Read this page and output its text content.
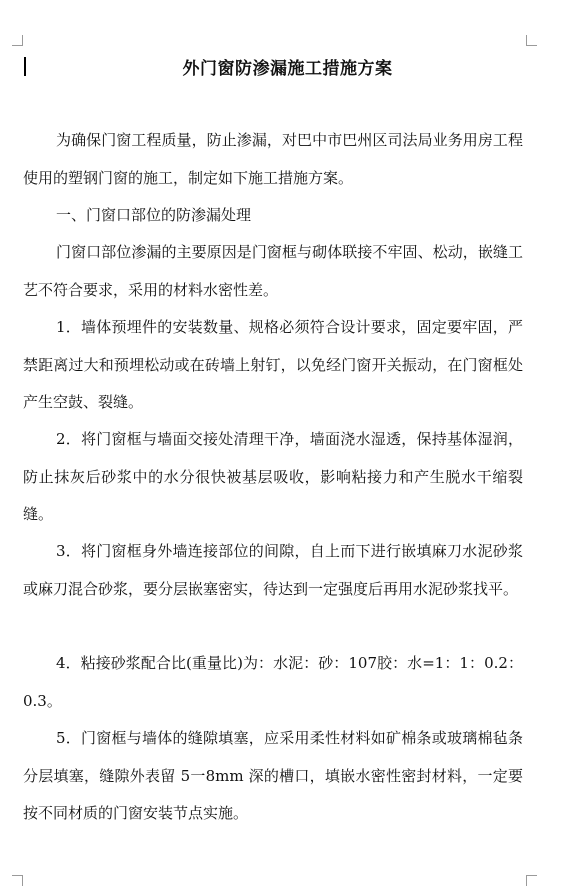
外门窗防渗漏施工措施方案
为确保门窗工程质量，防止渗漏，对巴中市巴州区司法局业务用房工程使用的塑钢门窗的施工，制定如下施工措施方案。
一、门窗口部位的防渗漏处理
门窗口部位渗漏的主要原因是门窗框与砌体联接不牢固、松动，嵌缝工艺不符合要求，采用的材料水密性差。
1．墙体预埋件的安装数量、规格必须符合设计要求，固定要牢固，严禁距离过大和预埋松动或在砖墙上射钉，以免经门窗开关振动，在门窗框处产生空鼓、裂缝。
2．将门窗框与墙面交接处清理干净，墙面浇水湿透，保持基体湿润，防止抹灰后砂浆中的水分很快被基层吸收，影响粘接力和产生脱水干缩裂缝。
3．将门窗框身外墙连接部位的间隙，自上而下进行嵌填麻刀水泥砂浆或麻刀混合砂浆，要分层嵌塞密实，待达到一定强度后再用水泥砂浆找平。
4．粘接砂浆配合比(重量比)为：水泥：砂：107胶：水=1：1：0.2：0.3。
5．门窗框与墙体的缝隙填塞，应采用柔性材料如矿棉条或玻璃棉毡条分层填塞，缝隙外表留 5一8mm 深的槽口，填嵌水密性密封材料，一定要按不同材质的门窗安装节点实施。
